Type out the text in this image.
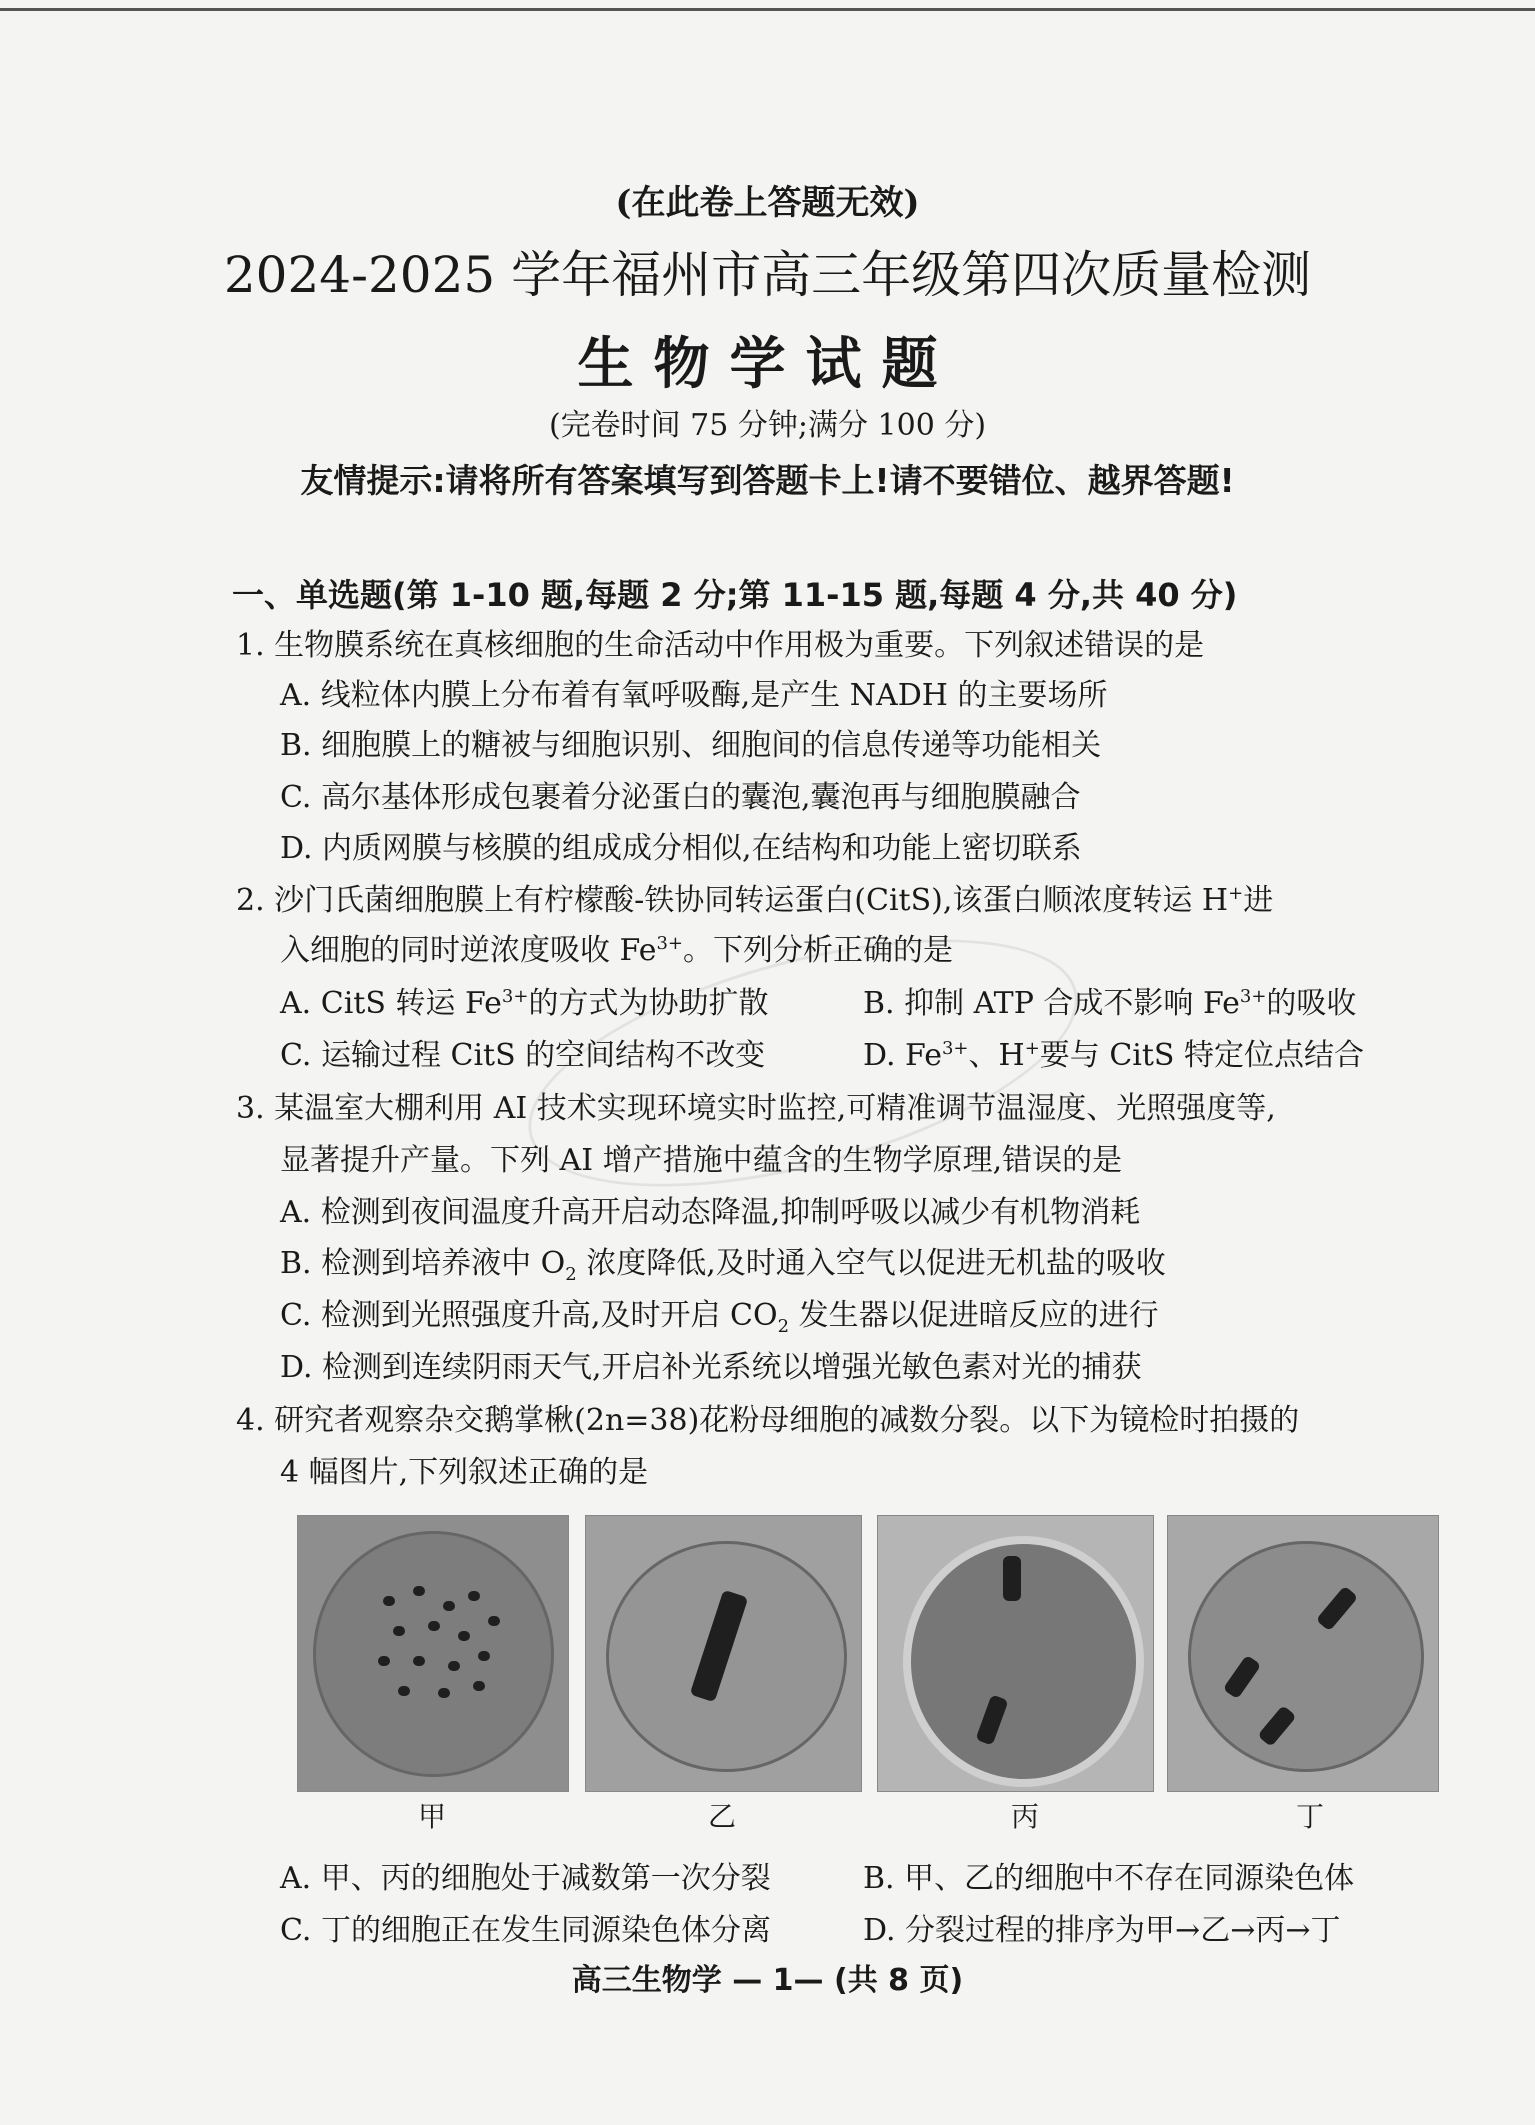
(在此卷上答题无效)
2024-2025 学年福州市高三年级第四次质量检测
生物学试题
(完卷时间 75 分钟;满分 100 分)
友情提示:请将所有答案填写到答题卡上!请不要错位、越界答题!
一、单选题(第 1-10 题,每题 2 分;第 11-15 题,每题 4 分,共 40 分)
1. 生物膜系统在真核细胞的生命活动中作用极为重要。下列叙述错误的是
A. 线粒体内膜上分布着有氧呼吸酶,是产生 NADH 的主要场所
B. 细胞膜上的糖被与细胞识别、细胞间的信息传递等功能相关
C. 高尔基体形成包裹着分泌蛋白的囊泡,囊泡再与细胞膜融合
D. 内质网膜与核膜的组成成分相似,在结构和功能上密切联系
2. 沙门氏菌细胞膜上有柠檬酸-铁协同转运蛋白(CitS),该蛋白顺浓度转运 H+进
入细胞的同时逆浓度吸收 $Fe^{3+}$。下列分析正确的是
A. CitS 转运 $Fe^{3+}$的方式为协助扩散	B. 抑制 ATP 合成不影响 $Fe^{3+}$的吸收
C. 运输过程 CitS 的空间结构不改变	D. $Fe^{3+}$、H+要与 CitS 特定位点结合
3. 某温室大棚利用 AI 技术实现环境实时监控,可精准调节温湿度、光照强度等,
显著提升产量。下列 AI 增产措施中蕴含的生物学原理,错误的是
A. 检测到夜间温度升高开启动态降温,抑制呼吸以减少有机物消耗
B. 检测到培养液中 $O_2$ 浓度降低,及时通入空气以促进无机盐的吸收
C. 检测到光照强度升高,及时开启 $CO_2$ 发生器以促进暗反应的进行
D. 检测到连续阴雨天气,开启补光系统以增强光敏色素对光的捕获
4. 研究者观察杂交鹅掌楸(2n=38)花粉母细胞的减数分裂。以下为镜检时拍摄的
4 幅图片,下列叙述正确的是
甲	乙	丙	丁
A. 甲、丙的细胞处于减数第一次分裂	B. 甲、乙的细胞中不存在同源染色体
C. 丁的细胞正在发生同源染色体分离	D. 分裂过程的排序为甲→乙→丙→丁
高三生物学 — 1— (共 8 页)
